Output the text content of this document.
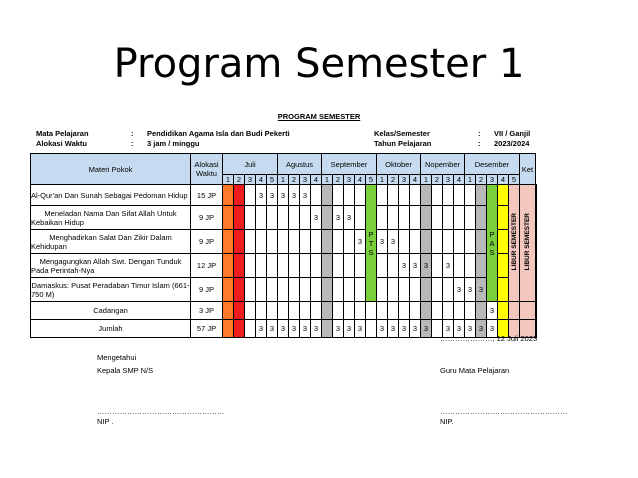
Program Semester 1
PROGRAM SEMESTER
Mata Pelajaran	: Pendidikan Agama Isla dan Budi Pekerti
Alokasi Waktu	: 3 jam / minggu
Kelas/Semester	: VII / Ganjil
Tahun Pelajaran	: 2023/2024
Materi Pokok	Alokasi Waktu	Juli					Agustus				September					Oktober				Nopember				Desember					Ket	
		1	2	3	4	5	1	2	3	4	1	2	3	4	5	1	2	3	4	1	2	3	4	1	2	3	4	5		
Al-Qur'an Dan Sunah Sebagai Pedoman Hidup	15 JP				3	3	3	3	3						PTS											PAS		LIBUR SEMESTER	LIBUR SEMESTER	
Meneladan Nama Dan Sifat Allah Untuk Kebaikan Hidup	9 JP									3		3	3																	
Menghadirkan Salat Dan Zikir Dalam Kehidupan	9 JP													3		3	3													
Mengagungkan Allah Swt. Dengan Tunduk Pada Perintah-Nya	12 JP																	3	3	3		3								
Damaskus: Pusat Peradaban Timur Islam (661-750 M)	9 JP																						3	3	3					
Cadangan	3 JP																									3				
Jumlah	57 JP				3	3	3	3	3	3		3	3	3		3	3	3	3	3		3	3	3	3	3				
…………………, 12 Juli 2023
Mengetahui
Kepala SMP N/S	Guru Mata Pelajaran
……………………………………………	……………………………………………
NIP .	NIP.
